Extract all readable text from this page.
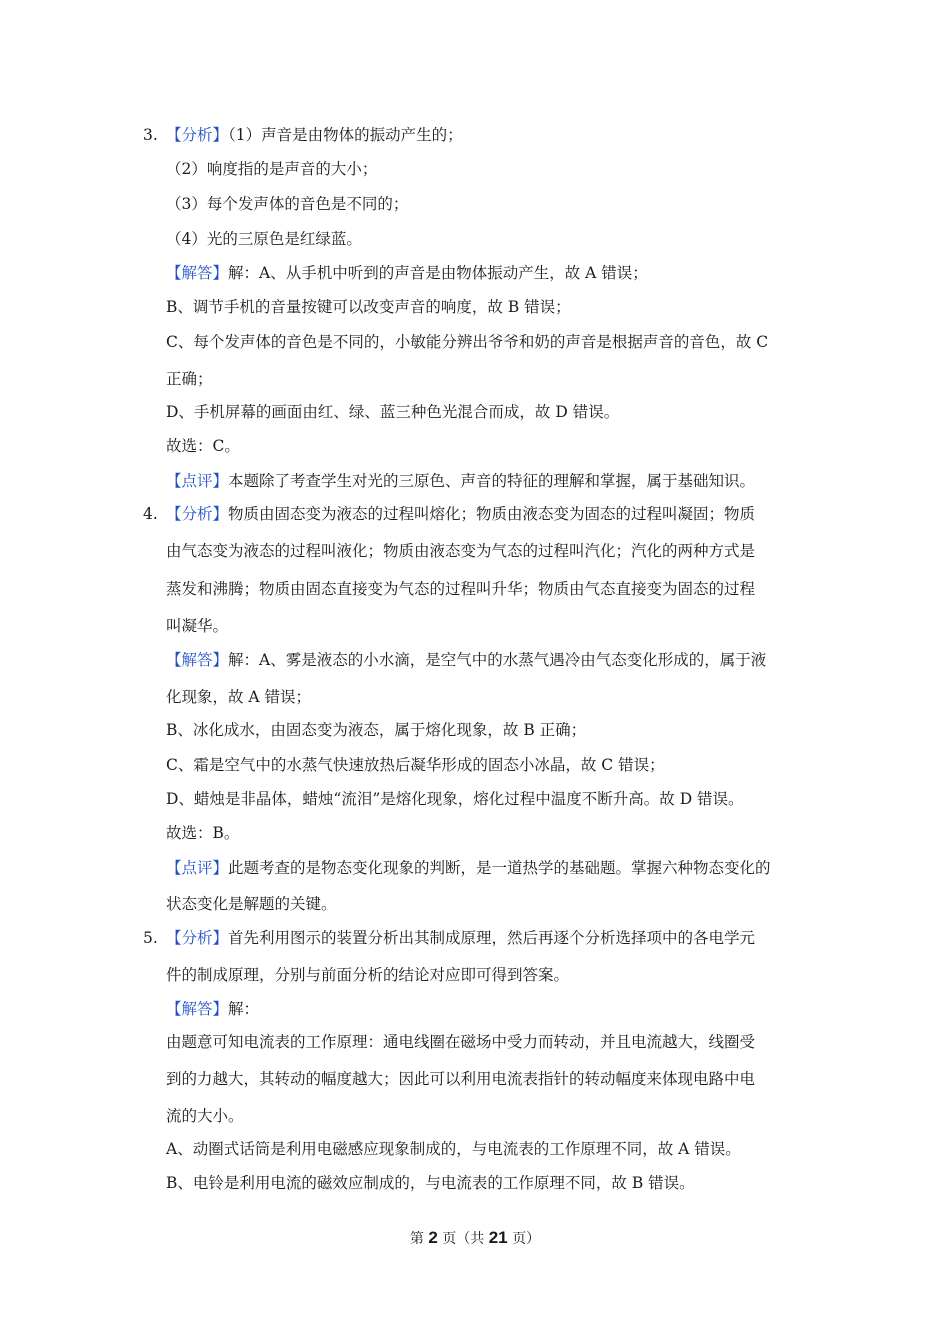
3. 【分析】（1）声音是由物体的振动产生的；
（2）响度指的是声音的大小；
（3）每个发声体的音色是不同的；
（4）光的三原色是红绿蓝。
【解答】解：A、从手机中听到的声音是由物体振动产生，故 A 错误；
B、调节手机的音量按键可以改变声音的响度，故 B 错误；
C、每个发声体的音色是不同的，小敏能分辨出爷爷和奶的声音是根据声音的音色，故 C
正确；
D、手机屏幕的画面由红、绿、蓝三种色光混合而成，故 D 错误。
故选：C。
【点评】本题除了考查学生对光的三原色、声音的特征的理解和掌握，属于基础知识。
4. 【分析】物质由固态变为液态的过程叫熔化；物质由液态变为固态的过程叫凝固；物质
由气态变为液态的过程叫液化；物质由液态变为气态的过程叫汽化；汽化的两种方式是
蒸发和沸腾；物质由固态直接变为气态的过程叫升华；物质由气态直接变为固态的过程
叫凝华。
【解答】解：A、雾是液态的小水滴，是空气中的水蒸气遇冷由气态变化形成的，属于液
化现象，故 A 错误；
B、冰化成水，由固态变为液态，属于熔化现象，故 B 正确；
C、霜是空气中的水蒸气快速放热后凝华形成的固态小冰晶，故 C 错误；
D、蜡烛是非晶体，蜡烛“流泪”是熔化现象，熔化过程中温度不断升高。故 D 错误。
故选：B。
【点评】此题考查的是物态变化现象的判断，是一道热学的基础题。掌握六种物态变化的
状态变化是解题的关键。
5. 【分析】首先利用图示的装置分析出其制成原理，然后再逐个分析选择项中的各电学元
件的制成原理，分别与前面分析的结论对应即可得到答案。
【解答】解：
由题意可知电流表的工作原理：通电线圈在磁场中受力而转动，并且电流越大，线圈受
到的力越大，其转动的幅度越大；因此可以利用电流表指针的转动幅度来体现电路中电
流的大小。
A、动圈式话筒是利用电磁感应现象制成的，与电流表的工作原理不同，故 A 错误。
B、电铃是利用电流的磁效应制成的，与电流表的工作原理不同，故 B 错误。
第 2 页（共 21 页）
